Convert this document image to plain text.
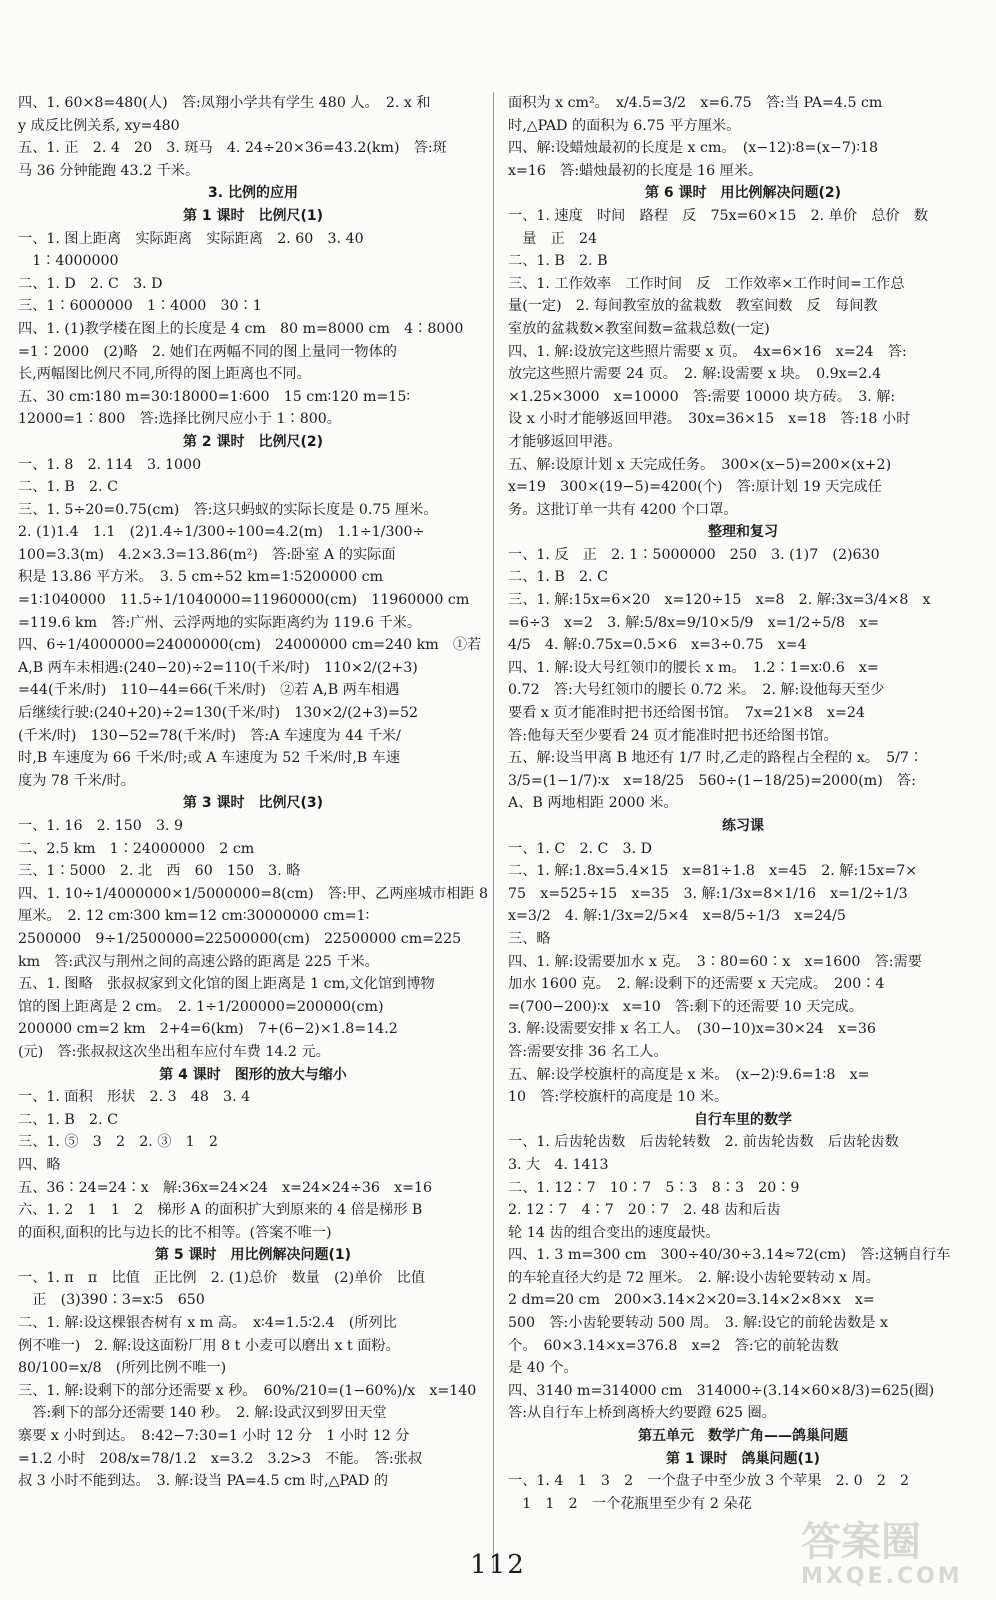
四、1. 60×8=480(人)　答:凤翔小学共有学生 480 人。　2. x 和
y 成反比例关系, xy=480
五、1. 正　2. 4　20　3. 斑马　4. 24÷20×36=43.2(km)　答:斑
马 36 分钟能跑 43.2 千米。
3. 比例的应用
第 1 课时　比例尺(1)
一、1. 图上距离　实际距离　实际距离　2. 60　3. 40
　1∶4000000
二、1. D　2. C　3. D
三、1∶6000000　1∶4000　30∶1
四、1. (1)教学楼在图上的长度是 4 cm　80 m=8000 cm　4∶8000
=1∶2000　(2)略　2. 她们在两幅不同的图上量同一物体的
长,两幅图比例尺不同,所得的图上距离也不同。
五、30 cm∶180 m=30∶18000=1∶600　15 cm∶120 m=15∶
12000=1∶800　答:选择比例尺应小于 1∶800。
第 2 课时　比例尺(2)
一、1. 8　2. 114　3. 1000
二、1. B　2. C
三、1. 5÷20=0.75(cm)　答:这只蚂蚁的实际长度是 0.75 厘米。
2. (1)1.4　1.1　(2)1.4÷1/300÷100=4.2(m)　1.1÷1/300÷
100=3.3(m)　4.2×3.3=13.86(m²)　答:卧室 A 的实际面
积是 13.86 平方米。　3. 5 cm÷52 km=1∶5200000 cm
=1∶1040000　11.5÷1/1040000=11960000(cm)　11960000 cm
=119.6 km　答:广州、云浮两地的实际距离约为 119.6 千米。
四、6÷1/4000000=24000000(cm)　24000000 cm=240 km　①若
A,B 两车未相遇:(240−20)÷2=110(千米/时)　110×2/(2+3)
=44(千米/时)　110−44=66(千米/时)　②若 A,B 两车相遇
后继续行驶:(240+20)÷2=130(千米/时)　130×2/(2+3)=52
(千米/时)　130−52=78(千米/时)　答:A 车速度为 44 千米/
时,B 车速度为 66 千米/时;或 A 车速度为 52 千米/时,B 车速
度为 78 千米/时。
第 3 课时　比例尺(3)
一、1. 16　2. 150　3. 9
二、2.5 km　1∶24000000　2 cm
三、1∶5000　2. 北　西　60　150　3. 略
四、1. 10÷1/4000000×1/5000000=8(cm)　答:甲、乙两座城市相距 8
厘米。　2. 12 cm∶300 km=12 cm∶30000000 cm=1∶
2500000　9÷1/2500000=22500000(cm)　22500000 cm=225
km　答:武汉与荆州之间的高速公路的距离是 225 千米。
五、1. 图略　张叔叔家到文化馆的图上距离是 1 cm,文化馆到博物
馆的图上距离是 2 cm。　2. 1÷1/200000=200000(cm)
200000 cm=2 km　2+4=6(km)　7+(6−2)×1.8=14.2
(元)　答:张叔叔这次坐出租车应付车费 14.2 元。
第 4 课时　图形的放大与缩小
一、1. 面积　形状　2. 3　48　3. 4
二、1. B　2. C
三、1. ⑤　3　2　2. ③　1　2
四、略
五、36∶24=24∶x　解:36x=24×24　x=24×24÷36　x=16
六、1. 2　1　1　2　梯形 A 的面积扩大到原来的 4 倍是梯形 B
的面积,面积的比与边长的比不相等。(答案不唯一)
第 5 课时　用比例解决问题(1)
一、1. π　π　比值　正比例　2. (1)总价　数量　(2)单价　比值
　正　(3)390∶3=x∶5　650
二、1. 解:设这棵银杏树有 x m 高。　x∶4=1.5∶2.4　(所列比
例不唯一)　2. 解:设这面粉厂用 8 t 小麦可以磨出 x t 面粉。
80/100=x/8　(所列比例不唯一)
三、1. 解:设剩下的部分还需要 x 秒。　60%/210=(1−60%)/x　x=140
　答:剩下的部分还需要 140 秒。　2. 解:设武汉到罗田天堂
寨要 x 小时到达。　8:42−7:30=1 小时 12 分　1 小时 12 分
=1.2 小时　208/x=78/1.2　x=3.2　3.2>3　不能。　答:张叔
叔 3 小时不能到达。　3. 解:设当 PA=4.5 cm 时,△PAD 的
面积为 x cm²。　x/4.5=3/2　x=6.75　答:当 PA=4.5 cm
时,△PAD 的面积为 6.75 平方厘米。
四、解:设蜡烛最初的长度是 x cm。　(x−12)∶8=(x−7)∶18
x=16　答:蜡烛最初的长度是 16 厘米。
第 6 课时　用比例解决问题(2)
一、1. 速度　时间　路程　反　75x=60×15　2. 单价　总价　数
　量　正　24
二、1. B　2. B
三、1. 工作效率　工作时间　反　工作效率×工作时间=工作总
量(一定)　2. 每间教室放的盆栽数　教室间数　反　每间教
室放的盆栽数×教室间数=盆栽总数(一定)
四、1. 解:设放完这些照片需要 x 页。　4x=6×16　x=24　答:
放完这些照片需要 24 页。　2. 解:设需要 x 块。　0.9x=2.4
×1.25×3000　x=10000　答:需要 10000 块方砖。　3. 解:
设 x 小时才能够返回甲港。　30x=36×15　x=18　答:18 小时
才能够返回甲港。
五、解:设原计划 x 天完成任务。　300×(x−5)=200×(x+2)
x=19　300×(19−5)=4200(个)　答:原计划 19 天完成任
务。这批订单一共有 4200 个口罩。
整理和复习
一、1. 反　正　2. 1∶5000000　250　3. (1)7　(2)630
二、1. B　2. C
三、1. 解:15x=6×20　x=120÷15　x=8　2. 解:3x=3/4×8　x
=6÷3　x=2　3. 解:5/8x=9/10×5/9　x=1/2÷5/8　x=
4/5　4. 解:0.75x=0.5×6　x=3÷0.75　x=4
四、1. 解:设大号红领巾的腰长 x m。　1.2∶1=x∶0.6　x=
0.72　答:大号红领巾的腰长 0.72 米。　2. 解:设他每天至少
要看 x 页才能准时把书还给图书馆。　7x=21×8　x=24
答:他每天至少要看 24 页才能准时把书还给图书馆。
五、解:设当甲离 B 地还有 1/7 时,乙走的路程占全程的 x。　5/7∶
3/5=(1−1/7)∶x　x=18/25　560÷(1−18/25)=2000(m)　答:
A、B 两地相距 2000 米。
练习课
一、1. C　2. C　3. D
二、1. 解:1.8x=5.4×15　x=81÷1.8　x=45　2. 解:15x=7×
75　x=525÷15　x=35　3. 解:1/3x=8×1/16　x=1/2÷1/3
x=3/2　4. 解:1/3x=2/5×4　x=8/5÷1/3　x=24/5
三、略
四、1. 解:设需要加水 x 克。　3∶80=60∶x　x=1600　答:需要
加水 1600 克。　2. 解:设剩下的还需要 x 天完成。　200∶4
=(700−200)∶x　x=10　答:剩下的还需要 10 天完成。
3. 解:设需要安排 x 名工人。　(30−10)x=30×24　x=36
答:需要安排 36 名工人。
五、解:设学校旗杆的高度是 x 米。　(x−2)∶9.6=1∶8　x=
10　答:学校旗杆的高度是 10 米。
自行车里的数学
一、1. 后齿轮齿数　后齿轮转数　2. 前齿轮齿数　后齿轮齿数
3. 大　4. 1413
二、1. 12∶7　10∶7　5∶3　8∶3　20∶9
2. 12∶7　4∶7　20∶7　2. 48 齿和后齿
轮 14 齿的组合变出的速度最快。
四、1. 3 m=300 cm　300÷40/30÷3.14≈72(cm)　答:这辆自行车
的车轮直径大约是 72 厘米。　2. 解:设小齿轮要转动 x 周。
2 dm=20 cm　200×3.14×2×20=3.14×2×8×x　x=
500　答:小齿轮要转动 500 周。　3. 解:设它的前轮齿数是 x
个。　60×3.14×x=376.8　x=2　答:它的前轮齿数
是 40 个。
四、3140 m=314000 cm　314000÷(3.14×60×8/3)=625(圈)
答:从自行车上桥到离桥大约要蹬 625 圈。
第五单元　数学广角——鸽巢问题
第 1 课时　鸽巢问题(1)
一、1. 4　1　3　2　一个盘子中至少放 3 个苹果　2. 0　2　2
　1　1　2　一个花瓶里至少有 2 朵花
112	答案圈
MXQE.COM
